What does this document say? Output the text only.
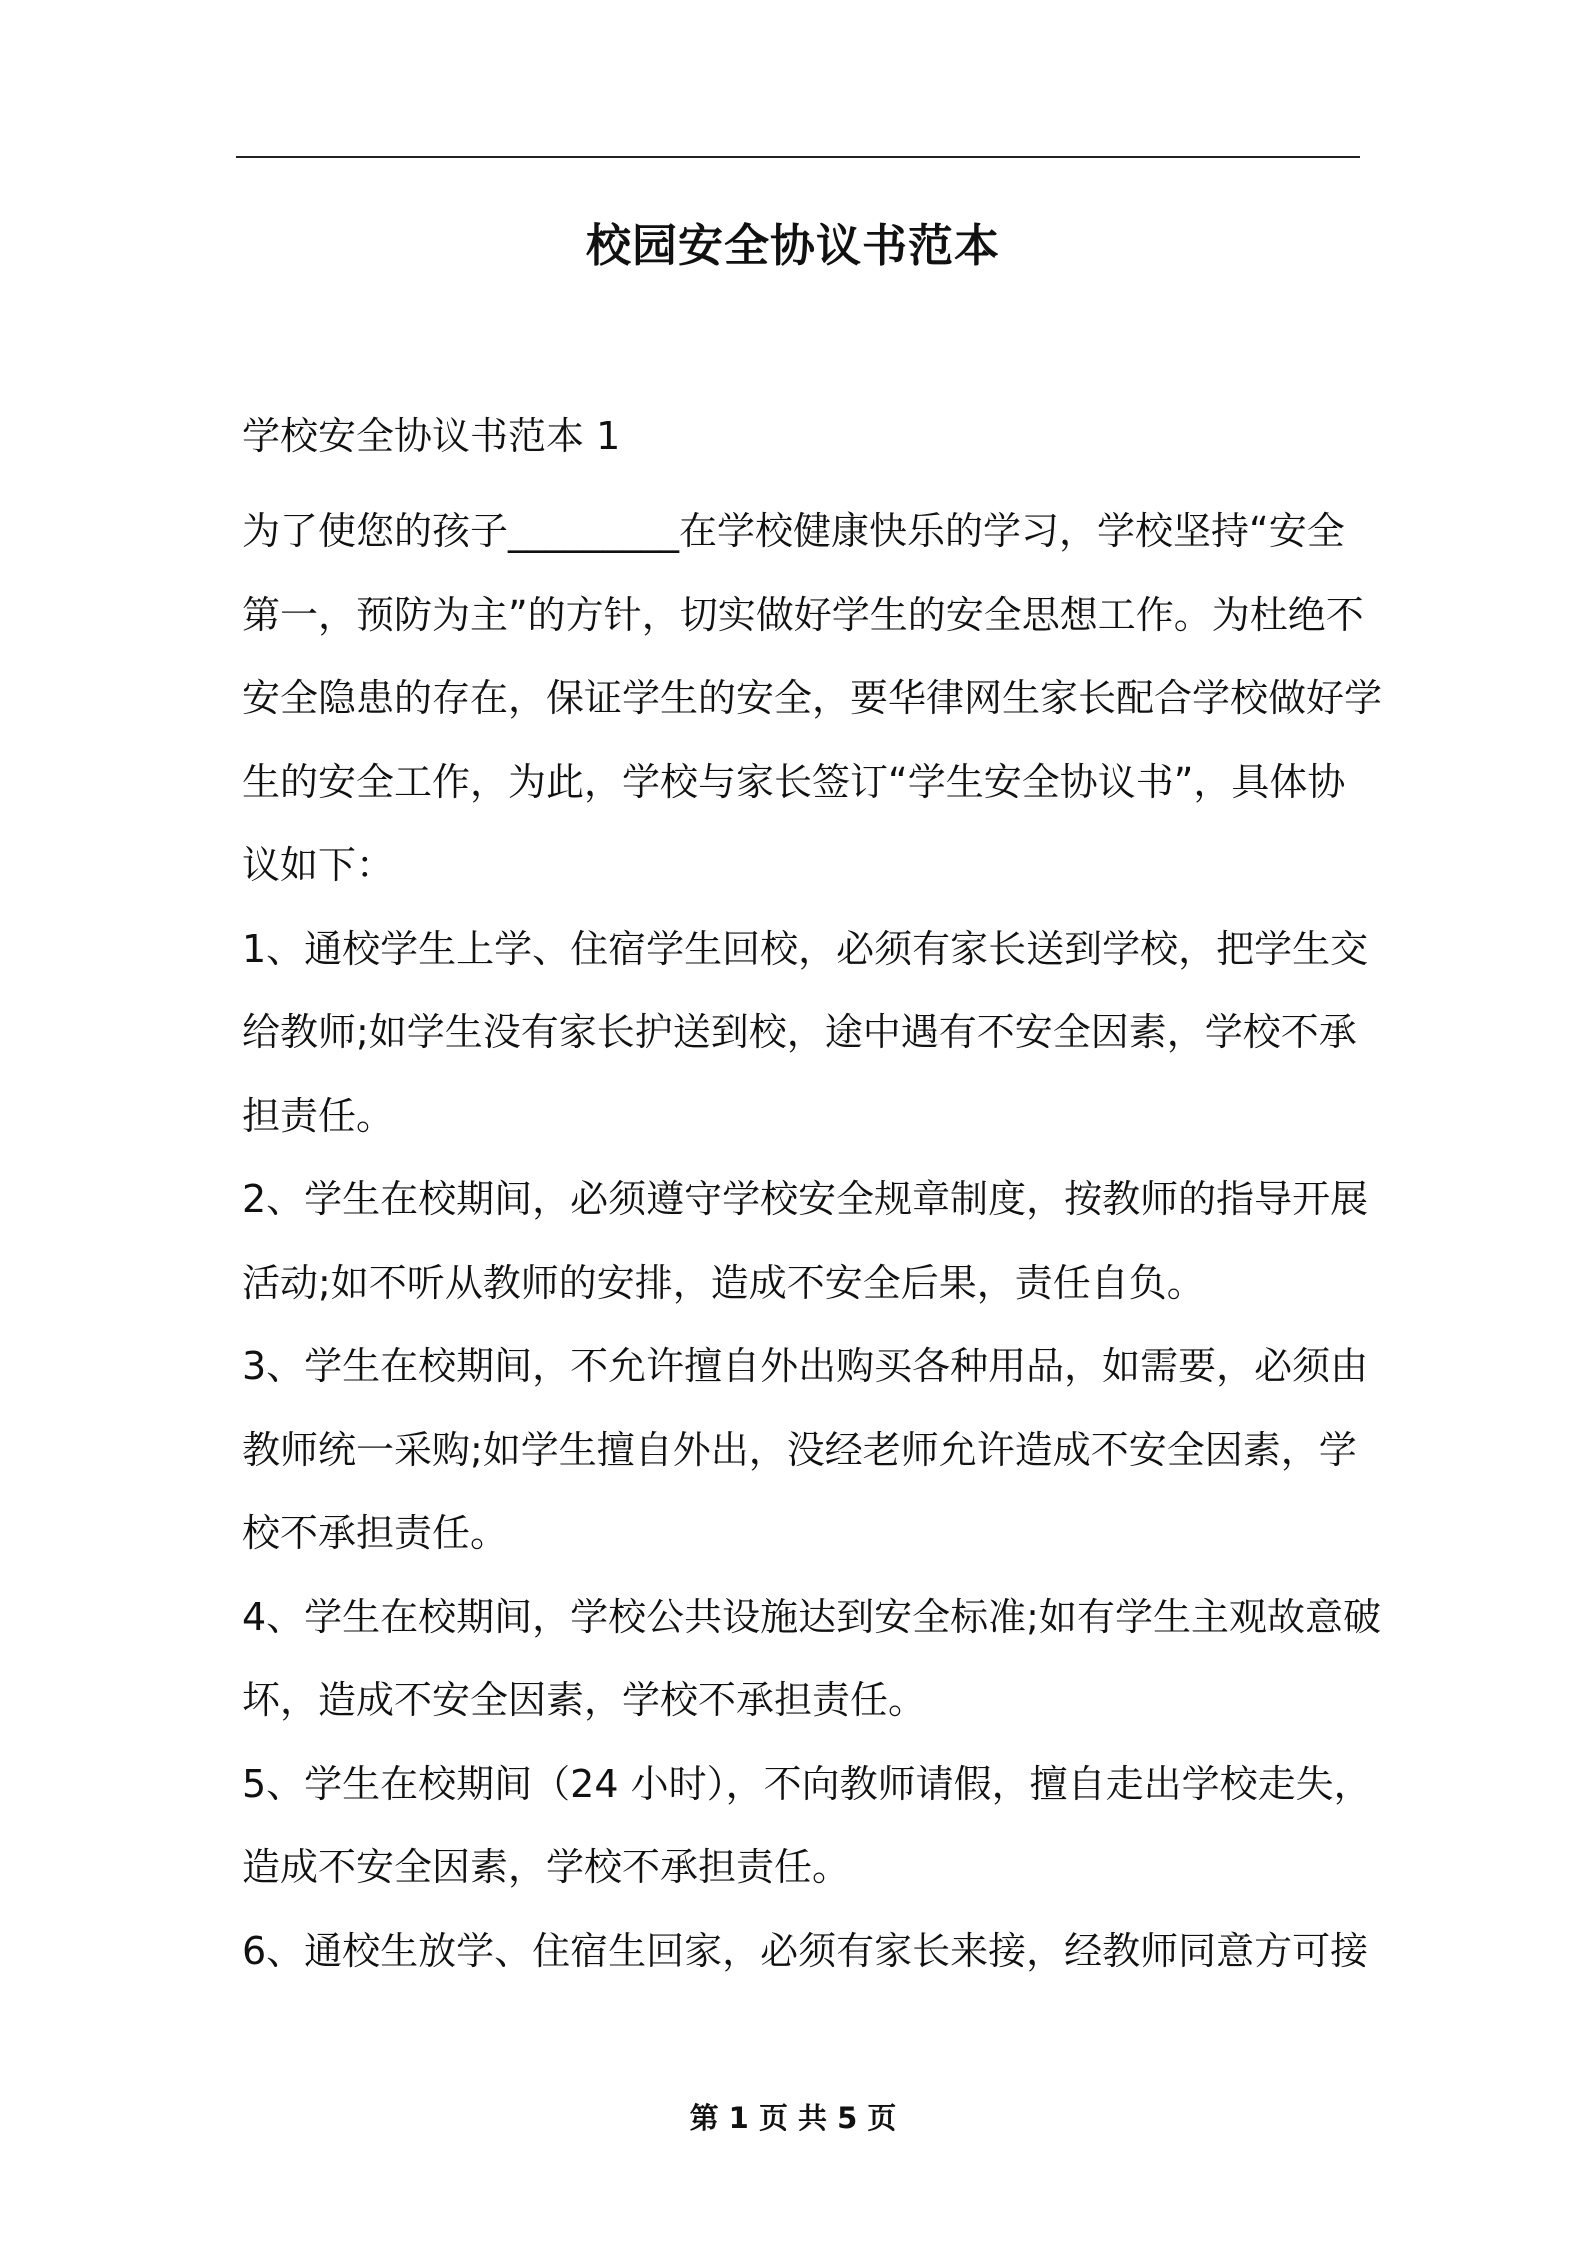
校园安全协议书范本
学校安全协议书范本 1
为了使您的孩子_________在学校健康快乐的学习，学校坚持“安全
第一，预防为主”的方针，切实做好学生的安全思想工作。为杜绝不
安全隐患的存在，保证学生的安全，要华律网生家长配合学校做好学
生的安全工作，为此，学校与家长签订“学生安全协议书”，具体协
议如下：
1、通校学生上学、住宿学生回校，必须有家长送到学校，把学生交
给教师;如学生没有家长护送到校，途中遇有不安全因素，学校不承
担责任。
2、学生在校期间，必须遵守学校安全规章制度，按教师的指导开展
活动;如不听从教师的安排，造成不安全后果，责任自负。
3、学生在校期间，不允许擅自外出购买各种用品，如需要，必须由
教师统一采购;如学生擅自外出，没经老师允许造成不安全因素，学
校不承担责任。
4、学生在校期间，学校公共设施达到安全标准;如有学生主观故意破
坏，造成不安全因素，学校不承担责任。
5、学生在校期间（24 小时），不向教师请假，擅自走出学校走失，
造成不安全因素，学校不承担责任。
6、通校生放学、住宿生回家，必须有家长来接，经教师同意方可接
第 1 页 共 5 页
